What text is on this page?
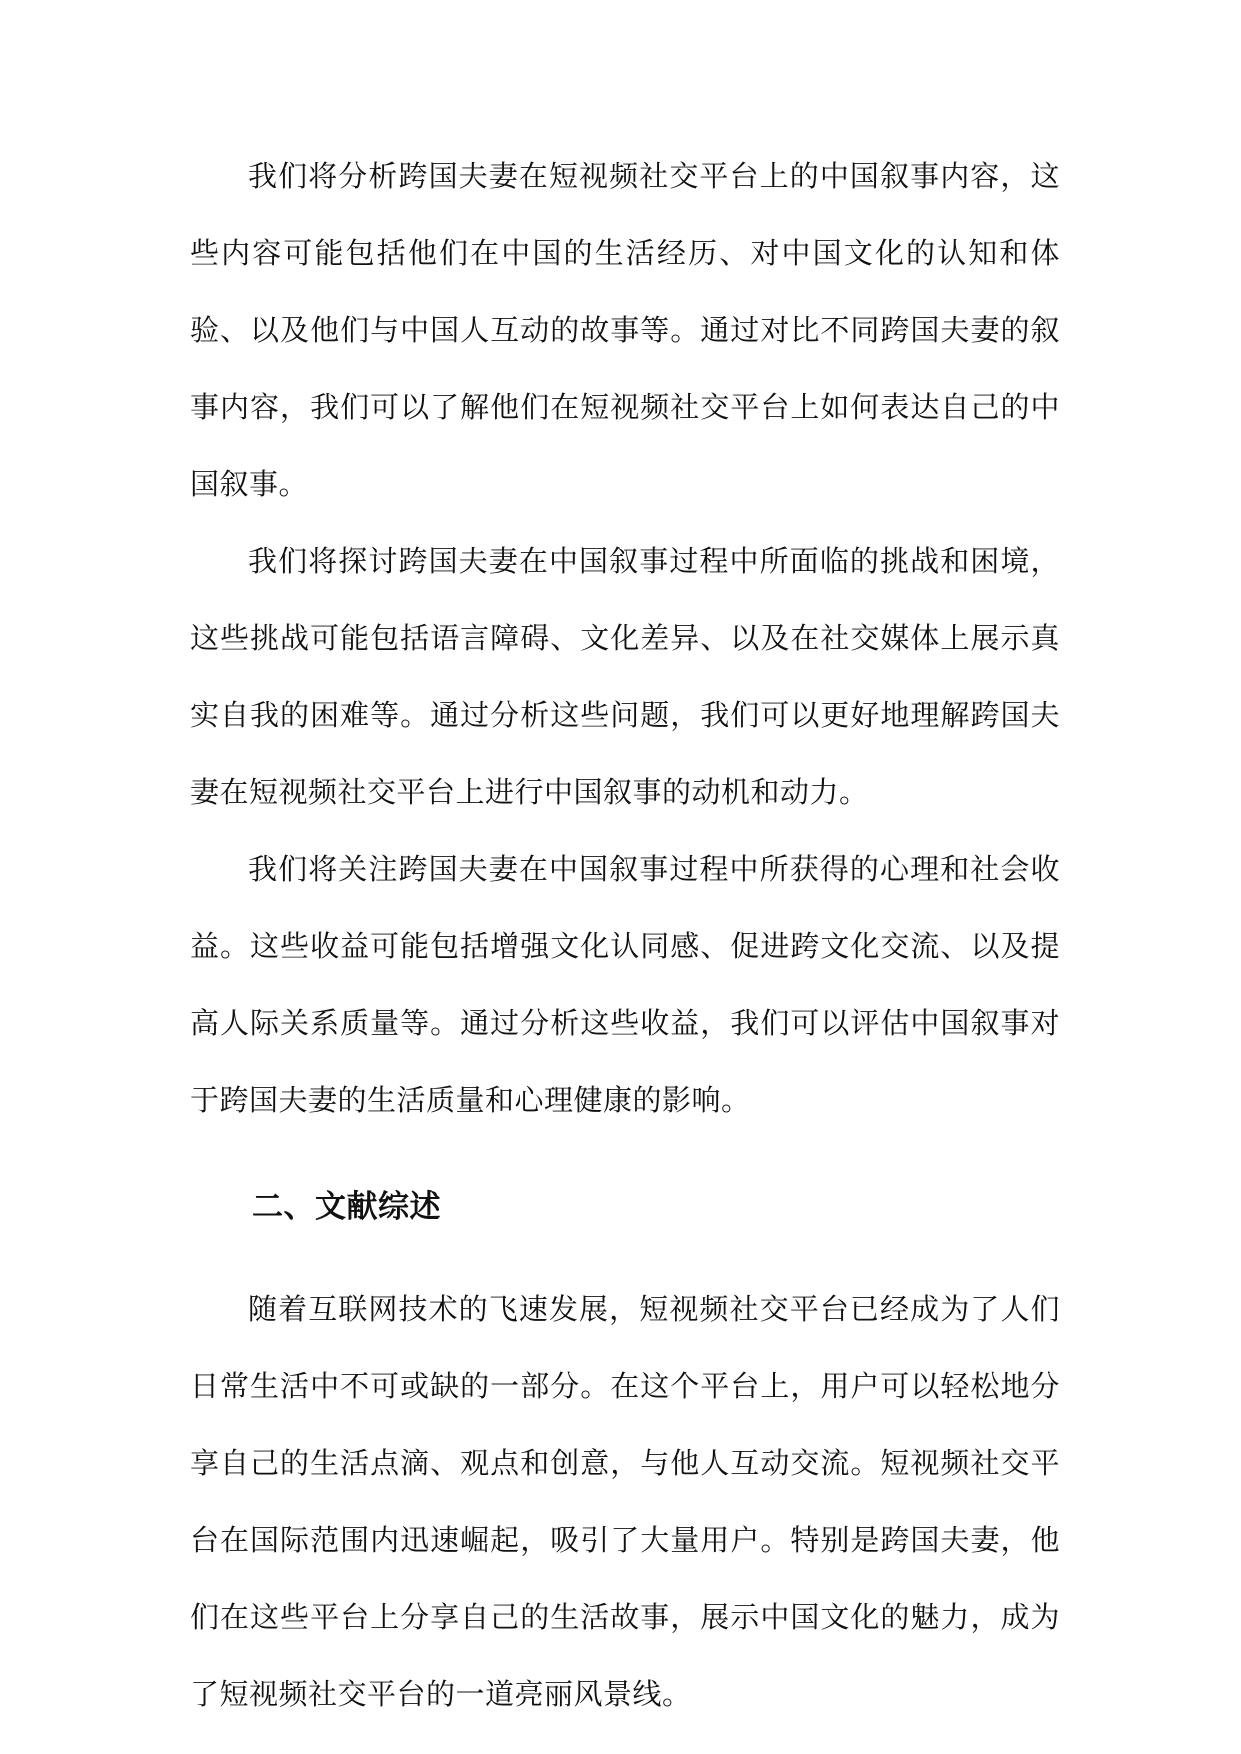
我们将分析跨国夫妻在短视频社交平台上的中国叙事内容，这些内容可能包括他们在中国的生活经历、对中国文化的认知和体验、以及他们与中国人互动的故事等。通过对比不同跨国夫妻的叙事内容，我们可以了解他们在短视频社交平台上如何表达自己的中国叙事。

我们将探讨跨国夫妻在中国叙事过程中所面临的挑战和困境，这些挑战可能包括语言障碍、文化差异、以及在社交媒体上展示真实自我的困难等。通过分析这些问题，我们可以更好地理解跨国夫妻在短视频社交平台上进行中国叙事的动机和动力。

我们将关注跨国夫妻在中国叙事过程中所获得的心理和社会收益。这些收益可能包括增强文化认同感、促进跨文化交流、以及提高人际关系质量等。通过分析这些收益，我们可以评估中国叙事对于跨国夫妻的生活质量和心理健康的影响。

二、文献综述

随着互联网技术的飞速发展，短视频社交平台已经成为了人们日常生活中不可或缺的一部分。在这个平台上，用户可以轻松地分享自己的生活点滴、观点和创意，与他人互动交流。短视频社交平台在国际范围内迅速崛起，吸引了大量用户。特别是跨国夫妻，他们在这些平台上分享自己的生活故事，展示中国文化的魅力，成为了短视频社交平台的一道亮丽风景线。
